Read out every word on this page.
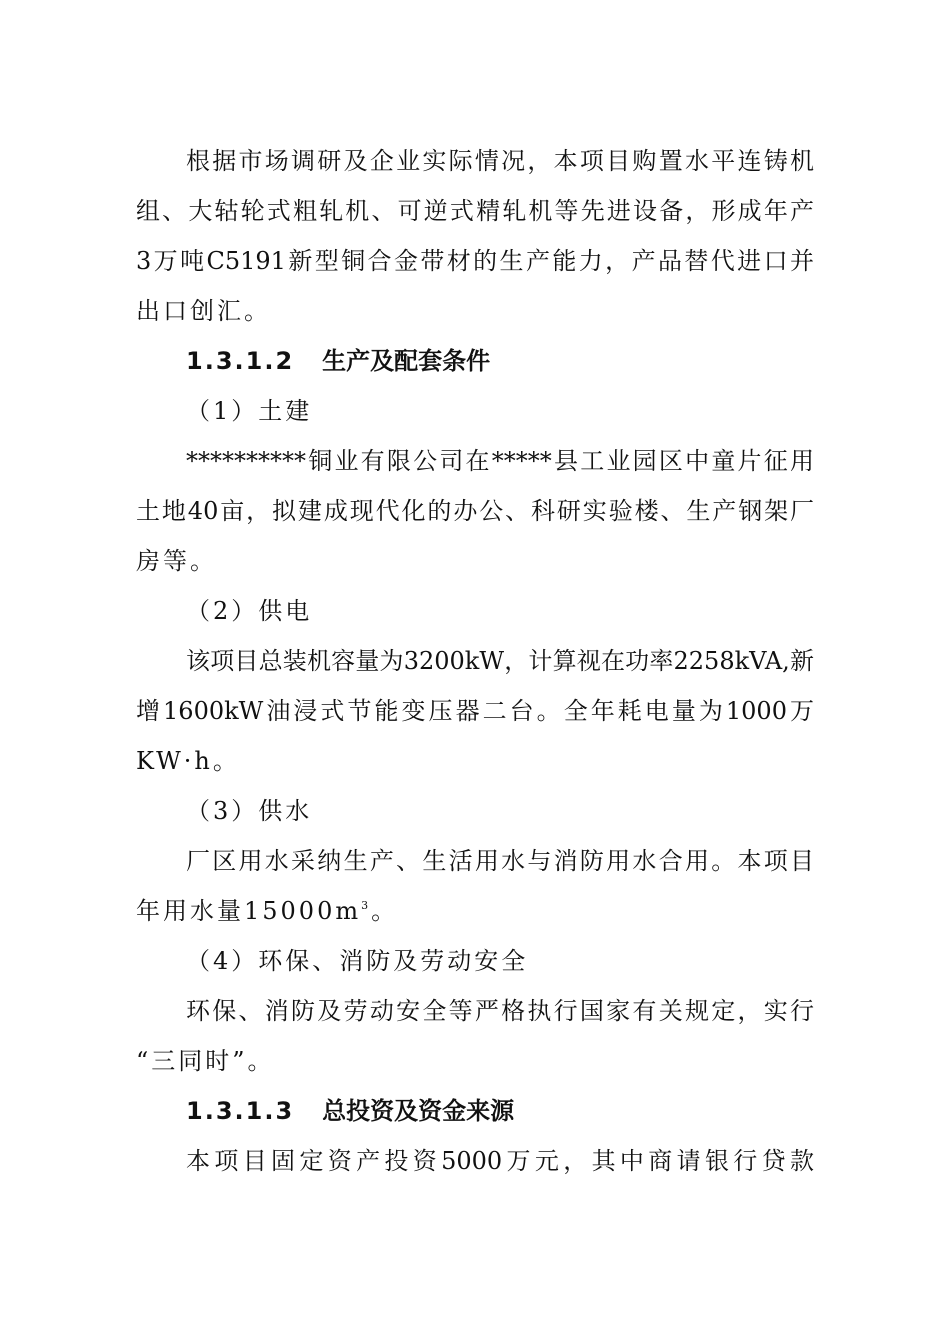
根据市场调研及企业实际情况，本项目购置水平连铸机
组、大轱轮式粗轧机、可逆式精轧机等先进设备，形成年产
3万吨C5191新型铜合金带材的生产能力，产品替代进口并
出口创汇。
1.3.1.2 生产及配套条件
（1）土建
**********铜业有限公司在*****县工业园区中童片征用
土地40亩，拟建成现代化的办公、科研实验楼、生产钢架厂
房等。
（2）供电
该项目总装机容量为3200kW，计算视在功率2258kVA,新
增1600kW油浸式节能变压器二台。全年耗电量为1000万
KW·h。
（3）供水
厂区用水采纳生产、生活用水与消防用水合用。本项目
年用水量$15000m^3$。
（4）环保、消防及劳动安全
环保、消防及劳动安全等严格执行国家有关规定，实行
“三同时”。
1.3.1.3 总投资及资金来源
本项目固定资产投资5000万元，其中商请银行贷款
